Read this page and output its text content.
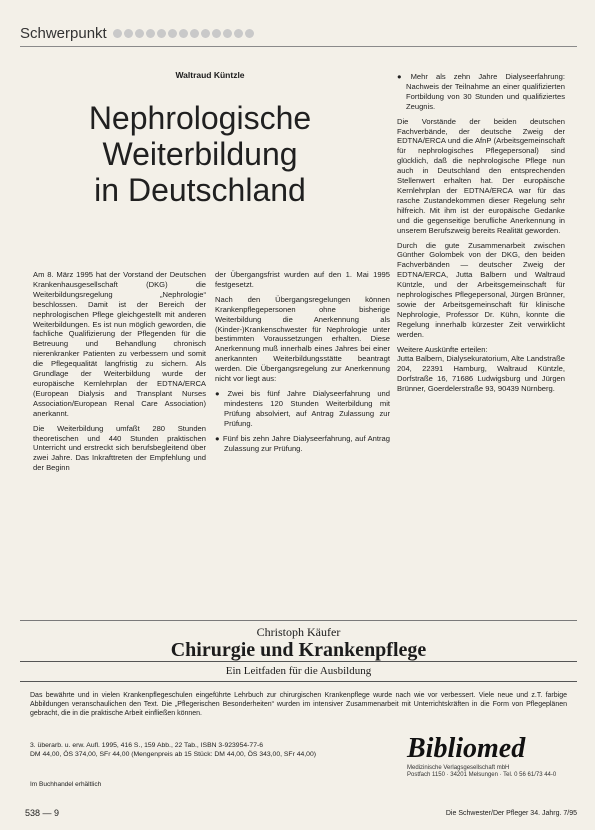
Schwerpunkt
Waltraud Küntzle
Nephrologische
Weiterbildung
in Deutschland

Am 8. März 1995 hat der Vorstand der Deutschen Krankenhausgesellschaft (DKG) die Weiterbildungsregelung „Nephrologie“ beschlossen. Damit ist der Bereich der nephrologischen Pflege gleichgestellt mit anderen Weiterbildungen. Es ist nun möglich geworden, die fachliche Qualifizierung der Pflegenden für die Betreuung und Behandlung chronisch nierenkranker Patienten zu verbessern und somit die Pflegequalität langfristig zu sichern. Als Grundlage der Weiterbildung wurde der europäische Kernlehrplan der EDTNA/ERCA (European Dialysis and Transplant Nurses Association/European Renal Care Association) anerkannt.

Die Weiterbildung umfaßt 280 Stunden theoretischen und 440 Stunden praktischen Unterricht und erstreckt sich berufsbegleitend über zwei Jahre. Das Inkrafttreten der Empfehlung und der Beginn

der Übergangsfrist wurden auf den 1. Mai 1995 festgesetzt.

Nach den Übergangsregelungen können Krankenpflegepersonen ohne bisherige Weiterbildung die Anerkennung als (Kinder-)Krankenschwester für Nephrologie unter bestimmten Voraussetzungen erhalten. Diese Anerkennung muß innerhalb eines Jahres bei einer anerkannten Weiterbildungsstätte beantragt werden. Die Übergangsregelung zur Anerkennung nicht vor liegt aus:

● Zwei bis fünf Jahre Dialyseerfahrung und mindestens 120 Stunden Weiterbildung mit Prüfung absolviert, auf Antrag Zulassung zur Prüfung.

● Fünf bis zehn Jahre Dialyseerfahrung, auf Antrag Zulassung zur Prüfung.

● Mehr als zehn Jahre Dialyseerfahrung: Nachweis der Teilnahme an einer qualifizierten Fortbildung von 30 Stunden und qualifiziertes Zeugnis.

Die Vorstände der beiden deutschen Fachverbände, der deutsche Zweig der EDTNA/ERCA und die AfnP (Arbeitsgemeinschaft für nephrologisches Pflegepersonal) sind glücklich, daß die nephrologische Pflege nun auch in Deutschland den entsprechenden Stellenwert erhalten hat. Der europäische Kernlehrplan der EDTNA/ERCA war für das rasche Zustandekommen dieser Regelung sehr hilfreich. Mit ihm ist der europäische Gedanke und die gegenseitige berufliche Anerkennung in unserem Berufszweig bereits Realität geworden.

Durch die gute Zusammenarbeit zwischen Günther Golombek von der DKG, den beiden Fachverbänden — deutscher Zweig der EDTNA/ERCA, Jutta Balbern und Waltraud Küntzle, und der Arbeitsgemeinschaft für nephrologisches Pflegepersonal, Jürgen Brünner, sowie der Arbeitsgemeinschaft für klinische Nephrologie, Professor Dr. Kühn, konnte die Regelung innerhalb kürzester Zeit verwirklicht werden.

Weitere Auskünfte erteilen:

Jutta Balbern, Dialysekuratorium, Alte Landstraße 204, 22391 Hamburg, Waltraud Küntzle, Dorfstraße 16, 71686 Ludwigsburg und Jürgen Brünner, Goerdelerstraße 93, 90439 Nürnberg.

Christoph Käufer
Chirurgie und Krankenpflege
Ein Leitfaden für die Ausbildung
Das bewährte und in vielen Krankenpflegeschulen eingeführte Lehrbuch zur chirurgischen Krankenpflege wurde nach wie vor verbessert. Viele neue und z.T. farbige Abbildungen veranschaulichen den Text. Die „Pflegerischen Besonderheiten“ wurden im intensiver Zusammenarbeit mit Unterrichtskräften in die Form von Pflegeplänen gebracht, die in die praktische Arbeit einfließen können.
3. überarb. u. erw. Aufl. 1995, 416 S., 159 Abb., 22 Tab., ISBN 3-923954-77-6
DM 44,00, ÖS 374,00, SFr 44,00 (Mengenpreis ab 15 Stück: DM 44,00, ÖS 343,00, SFr 44,00)
Im Buchhandel erhältlich
Bibliomed
Medizinische Verlagsgesellschaft mbH
Postfach 1150 · 34201 Melsungen · Tel. 0 56 61/73 44-0
538 — 9	Die Schwester/Der Pfleger 34. Jahrg. 7/95
